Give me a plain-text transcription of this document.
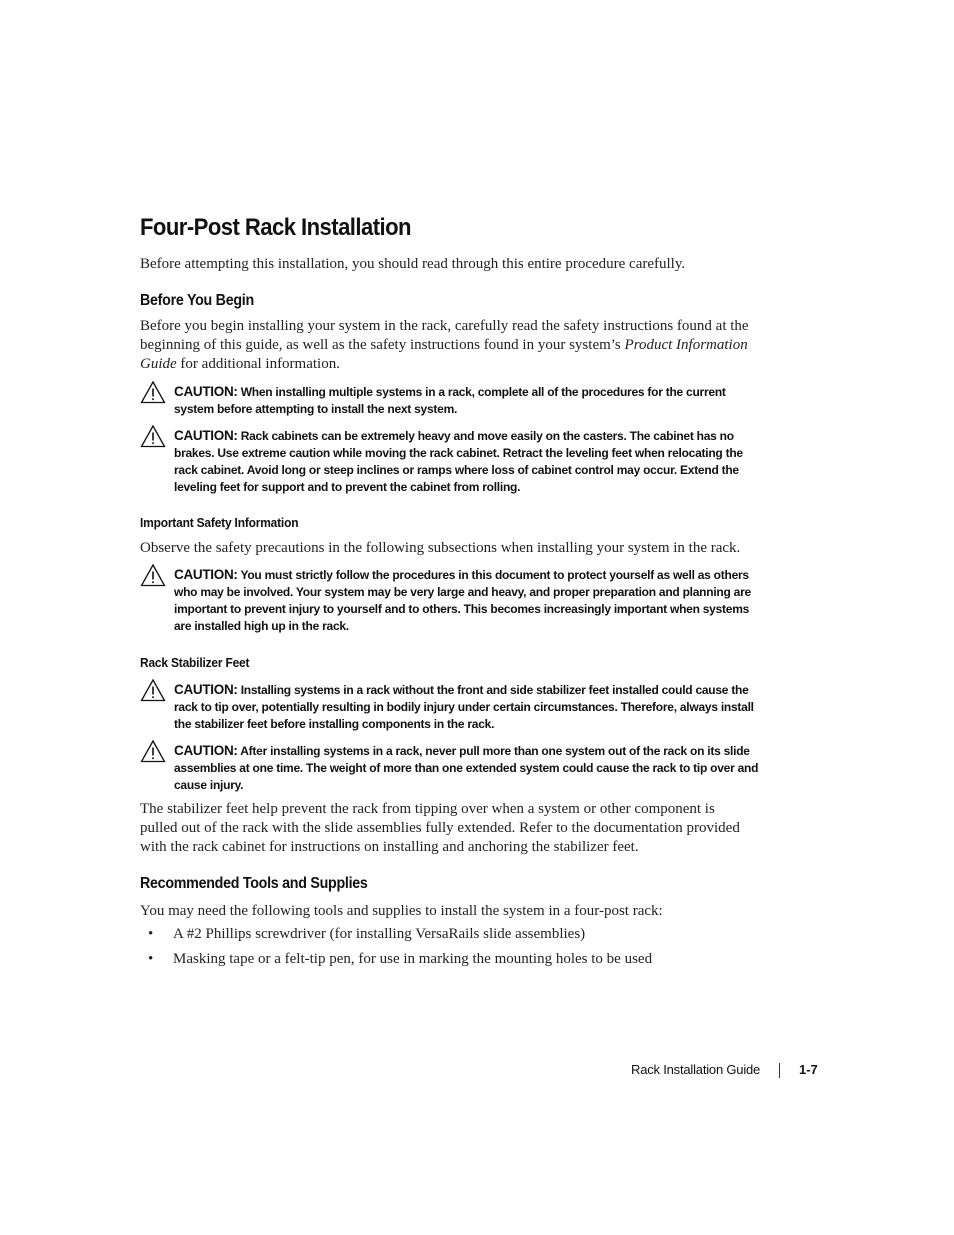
Four-Post Rack Installation
Before attempting this installation, you should read through this entire procedure carefully.
Before You Begin
Before you begin installing your system in the rack, carefully read the safety instructions found at the beginning of this guide, as well as the safety instructions found in your system’s Product Information Guide for additional information.
CAUTION: When installing multiple systems in a rack, complete all of the procedures for the current system before attempting to install the next system.
CAUTION: Rack cabinets can be extremely heavy and move easily on the casters. The cabinet has no brakes. Use extreme caution while moving the rack cabinet. Retract the leveling feet when relocating the rack cabinet. Avoid long or steep inclines or ramps where loss of cabinet control may occur. Extend the leveling feet for support and to prevent the cabinet from rolling.
Important Safety Information
Observe the safety precautions in the following subsections when installing your system in the rack.
CAUTION: You must strictly follow the procedures in this document to protect yourself as well as others who may be involved. Your system may be very large and heavy, and proper preparation and planning are important to prevent injury to yourself and to others. This becomes increasingly important when systems are installed high up in the rack.
Rack Stabilizer Feet
CAUTION: Installing systems in a rack without the front and side stabilizer feet installed could cause the rack to tip over, potentially resulting in bodily injury under certain circumstances. Therefore, always install the stabilizer feet before installing components in the rack.
CAUTION: After installing systems in a rack, never pull more than one system out of the rack on its slide assemblies at one time. The weight of more than one extended system could cause the rack to tip over and cause injury.
The stabilizer feet help prevent the rack from tipping over when a system or other component is pulled out of the rack with the slide assemblies fully extended. Refer to the documentation provided with the rack cabinet for instructions on installing and anchoring the stabilizer feet.
Recommended Tools and Supplies
You may need the following tools and supplies to install the system in a four-post rack:
• A #2 Phillips screwdriver (for installing VersaRails slide assemblies)
• Masking tape or a felt-tip pen, for use in marking the mounting holes to be used
Rack Installation Guide	1-7
